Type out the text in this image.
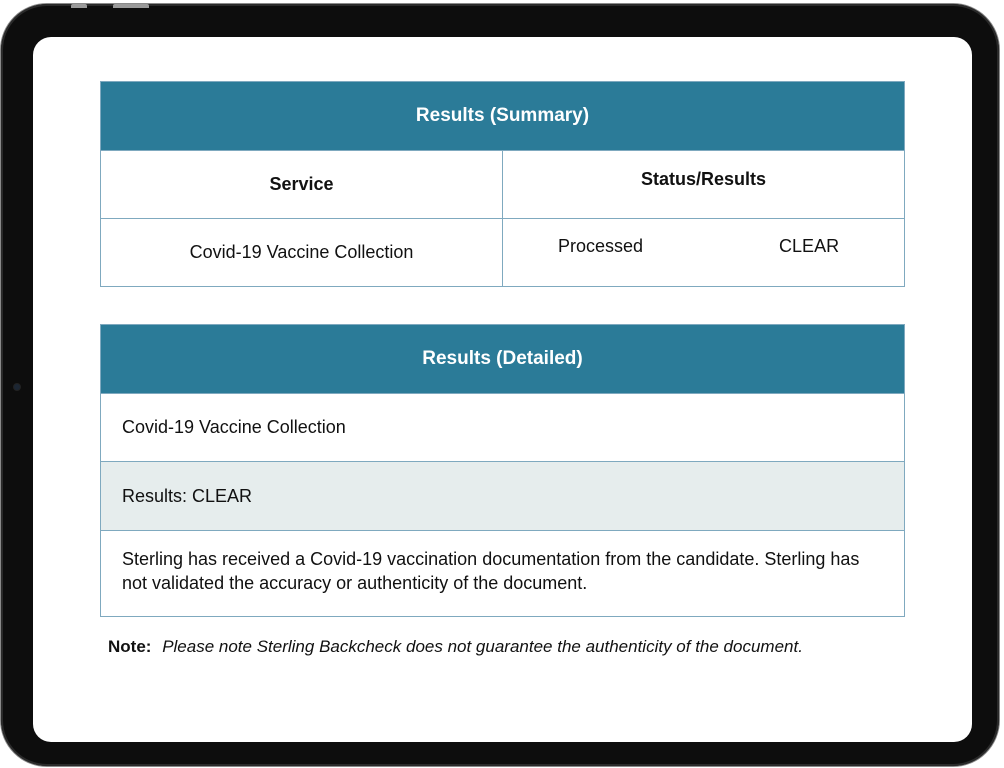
Results (Summary)
Service	Status/Results
Covid-19 Vaccine Collection	Processed	CLEAR
Results (Detailed)
Covid-19 Vaccine Collection
Results: CLEAR
Sterling has received a Covid-19 vaccination documentation from the candidate. Sterling has not validated the accuracy or authenticity of the document.
Note: Please note Sterling Backcheck does not guarantee the authenticity of the document.
